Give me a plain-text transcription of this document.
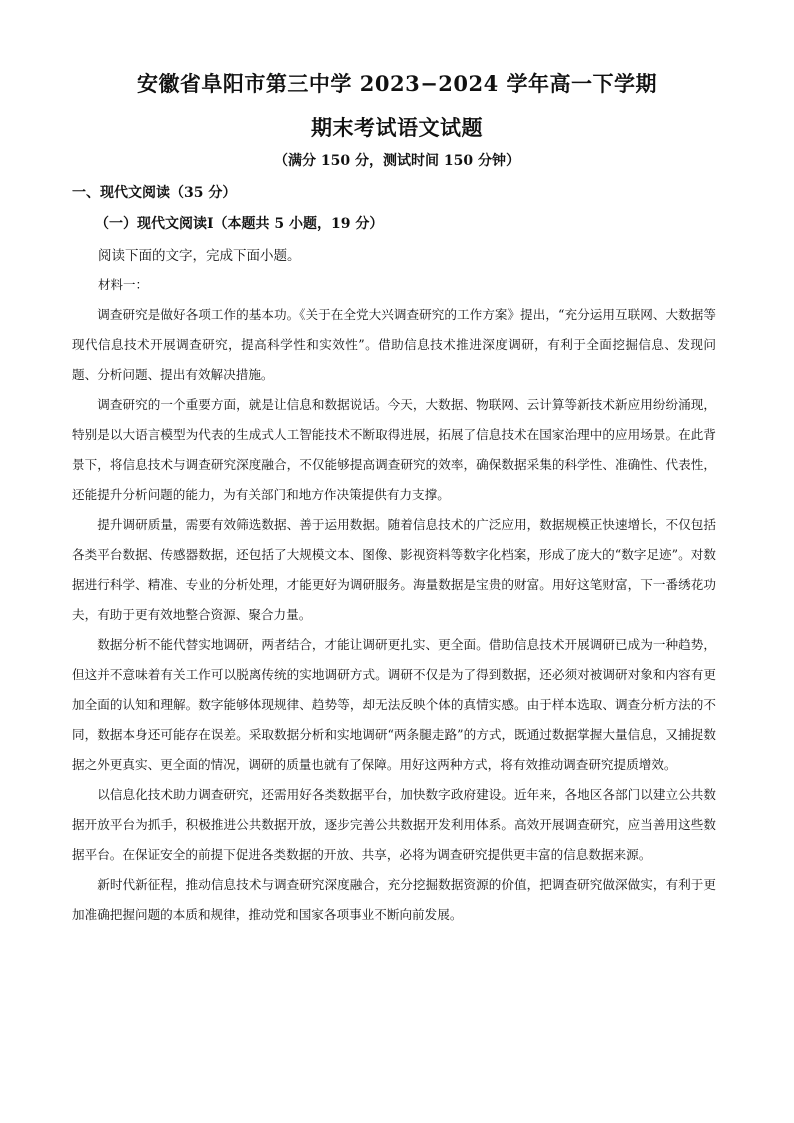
安徽省阜阳市第三中学 2023−2024 学年高一下学期
期末考试语文试题
（满分 150 分，测试时间 150 分钟）
一、现代文阅读（35 分）
（一）现代文阅读Ⅰ（本题共 5 小题，19 分）
阅读下面的文字，完成下面小题。
材料一：

调查研究是做好各项工作的基本功。《关于在全党大兴调查研究的工作方案》提出，“充分运用互联网、大数据等现代信息技术开展调查研究，提高科学性和实效性”。借助信息技术推进深度调研，有利于全面挖掘信息、发现问题、分析问题、提出有效解决措施。

调查研究的一个重要方面，就是让信息和数据说话。今天，大数据、物联网、云计算等新技术新应用纷纷涌现，特别是以大语言模型为代表的生成式人工智能技术不断取得进展，拓展了信息技术在国家治理中的应用场景。在此背景下，将信息技术与调查研究深度融合，不仅能够提高调查研究的效率，确保数据采集的科学性、准确性、代表性，还能提升分析问题的能力，为有关部门和地方作决策提供有力支撑。

提升调研质量，需要有效筛选数据、善于运用数据。随着信息技术的广泛应用，数据规模正快速增长，不仅包括各类平台数据、传感器数据，还包括了大规模文本、图像、影视资料等数字化档案，形成了庞大的“数字足迹”。对数据进行科学、精准、专业的分析处理，才能更好为调研服务。海量数据是宝贵的财富。用好这笔财富，下一番绣花功夫，有助于更有效地整合资源、聚合力量。

数据分析不能代替实地调研，两者结合，才能让调研更扎实、更全面。借助信息技术开展调研已成为一种趋势，但这并不意味着有关工作可以脱离传统的实地调研方式。调研不仅是为了得到数据，还必须对被调研对象和内容有更加全面的认知和理解。数字能够体现规律、趋势等，却无法反映个体的真情实感。由于样本选取、调查分析方法的不同，数据本身还可能存在误差。采取数据分析和实地调研“两条腿走路”的方式，既通过数据掌握大量信息，又捕捉数据之外更真实、更全面的情况，调研的质量也就有了保障。用好这两种方式，将有效推动调查研究提质增效。

以信息化技术助力调查研究，还需用好各类数据平台，加快数字政府建设。近年来，各地区各部门以建立公共数据开放平台为抓手，积极推进公共数据开放，逐步完善公共数据开发利用体系。高效开展调查研究，应当善用这些数据平台。在保证安全的前提下促进各类数据的开放、共享，必将为调查研究提供更丰富的信息数据来源。

新时代新征程，推动信息技术与调查研究深度融合，充分挖掘数据资源的价值，把调查研究做深做实，有利于更加准确把握问题的本质和规律，推动党和国家各项事业不断向前发展。
